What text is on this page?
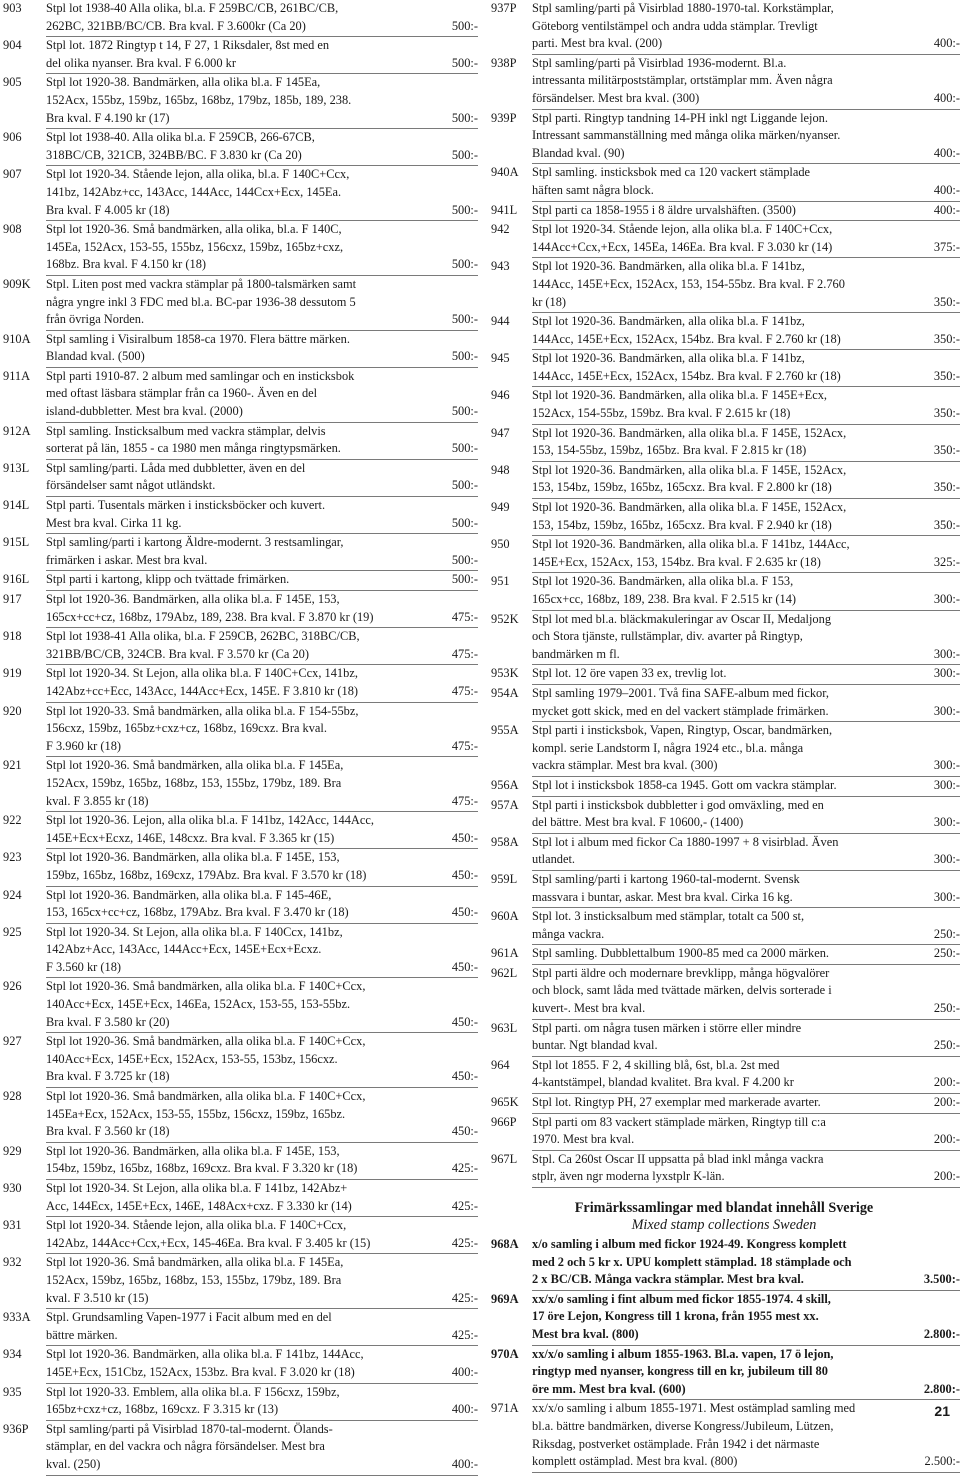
903	Stpl lot 1938-40 Alla olika, bl.a. F 259BC/CB, 261BC/CB,
262BC, 321BB/BC/CB. Bra kval. F 3.600kr (Ca 20)	500:-
904	Stpl lot. 1872 Ringtyp t 14, F 27, 1 Riksdaler, 8st med en
del olika nyanser. Bra kval. F 6.000 kr	500:-
905	Stpl lot 1920-38. Bandmärken, alla olika bl.a. F 145Ea,
152Acx, 155bz, 159bz, 165bz, 168bz, 179bz, 185b, 189, 238.
Bra kval. F 4.190 kr (17)	500:-
906	Stpl lot 1938-40. Alla olika bl.a. F 259CB, 266-67CB,
318BC/CB, 321CB, 324BB/BC. F 3.830 kr (Ca 20)	500:-
907	Stpl lot 1920-34. Stående lejon, alla olika, bl.a. F 140C+Ccx,
141bz, 142Abz+cc, 143Acc, 144Acc, 144Ccx+Ecx, 145Ea.
Bra kval. F 4.005 kr (18)	500:-
908	Stpl lot 1920-36. Små bandmärken, alla olika, bl.a. F 140C,
145Ea, 152Acx, 153-55, 155bz, 156cxz, 159bz, 165bz+cxz,
168bz. Bra kval. F 4.150 kr (18)	500:-
909K	Stpl. Liten post med vackra stämplar på 1800-talsmärken samt
några yngre inkl 3 FDC med bl.a. BC-par 1936-38 dessutom 5
från övriga Norden.	500:-
910A	Stpl samling i Visiralbum 1858-ca 1970. Flera bättre märken.
Blandad kval. (500)	500:-
911A	Stpl parti 1910-87. 2 album med samlingar och en insticksbok
med oftast läsbara stämplar från ca 1960-. Även en del
island-dubbletter. Mest bra kval. (2000)	500:-
912A	Stpl samling. Insticksalbum med vackra stämplar, delvis
sorterat på län, 1855 - ca 1980 men många ringtypsmärken.	500:-
913L	Stpl samling/parti. Låda med dubbletter, även en del
försändelser samt något utländskt.	500:-
914L	Stpl parti. Tusentals märken i insticksböcker och kuvert.
Mest bra kval. Cirka 11 kg.	500:-
915L	Stpl samling/parti i kartong Äldre-modernt. 3 restsamlingar,
frimärken i askar. Mest bra kval.	500:-
916L	Stpl parti i kartong, klipp och tvättade frimärken.	500:-
917	Stpl lot 1920-36. Bandmärken, alla olika bl.a. F 145E, 153,
165cx+cc+cz, 168bz, 179Abz, 189, 238. Bra kval. F 3.870 kr (19)	475:-
918	Stpl lot 1938-41 Alla olika, bl.a. F 259CB, 262BC, 318BC/CB,
321BB/BC/CB, 324CB. Bra kval. F 3.570 kr (Ca 20)	475:-
919	Stpl lot 1920-34. St Lejon, alla olika bl.a. F 140C+Ccx, 141bz,
142Abz+cc+Ecc, 143Acc, 144Acc+Ecx, 145E. F 3.810 kr (18)	475:-
920	Stpl lot 1920-33. Små bandmärken, alla olika bl.a. F 154-55bz,
156cxz, 159bz, 165bz+cxz+cz, 168bz, 169cxz. Bra kval.
F 3.960 kr (18)	475:-
921	Stpl lot 1920-36. Små bandmärken, alla olika bl.a. F 145Ea,
152Acx, 159bz, 165bz, 168bz, 153, 155bz, 179bz, 189. Bra
kval. F 3.855 kr (18)	475:-
922	Stpl lot 1920-36. Lejon, alla olika bl.a. F 141bz, 142Acc, 144Acc,
145E+Ecx+Ecxz, 146E, 148cxz. Bra kval. F 3.365 kr (15)	450:-
923	Stpl lot 1920-36. Bandmärken, alla olika bl.a. F 145E, 153,
159bz, 165bz, 168bz, 169cxz, 179Abz. Bra kval. F 3.570 kr (18)	450:-
924	Stpl lot 1920-36. Bandmärken, alla olika bl.a. F 145-46E,
153, 165cx+cc+cz, 168bz, 179Abz. Bra kval. F 3.470 kr (18)	450:-
925	Stpl lot 1920-34. St Lejon, alla olika bl.a. F 140Ccx, 141bz,
142Abz+Acc, 143Acc, 144Acc+Ecx, 145E+Ecx+Ecxz.
F 3.560 kr (18)	450:-
926	Stpl lot 1920-36. Små bandmärken, alla olika bl.a. F 140C+Ccx,
140Acc+Ecx, 145E+Ecx, 146Ea, 152Acx, 153-55, 153-55bz.
Bra kval. F 3.580 kr (20)	450:-
927	Stpl lot 1920-36. Små bandmärken, alla olika bl.a. F 140C+Ccx,
140Acc+Ecx, 145E+Ecx, 152Acx, 153-55, 153bz, 156cxz.
Bra kval. F 3.725 kr (18)	450:-
928	Stpl lot 1920-36. Små bandmärken, alla olika bl.a. F 140C+Ccx,
145Ea+Ecx, 152Acx, 153-55, 155bz, 156cxz, 159bz, 165bz.
Bra kval. F 3.560 kr (18)	450:-
929	Stpl lot 1920-36. Bandmärken, alla olika bl.a. F 145E, 153,
154bz, 159bz, 165bz, 168bz, 169cxz. Bra kval. F 3.320 kr (18)	425:-
930	Stpl lot 1920-34. St Lejon, alla olika bl.a. F 141bz, 142Abz+
Acc, 144Ecx, 145E+Ecx, 146E, 148Acx+cxz. F 3.330 kr (14)	425:-
931	Stpl lot 1920-34. Stående lejon, alla olika bl.a. F 140C+Ccx,
142Abz, 144Acc+Ccx,+Ecx, 145-46Ea. Bra kval. F 3.405 kr (15)	425:-
932	Stpl lot 1920-36. Små bandmärken, alla olika bl.a. F 145Ea,
152Acx, 159bz, 165bz, 168bz, 153, 155bz, 179bz, 189. Bra
kval. F 3.510 kr (15)	425:-
933A	Stpl. Grundsamling Vapen-1977 i Facit album med en del
bättre märken.	425:-
934	Stpl lot 1920-36. Bandmärken, alla olika bl.a. F 141bz, 144Acc,
145E+Ecx, 151Cbz, 152Acx, 153bz. Bra kval. F 3.020 kr (18)	400:-
935	Stpl lot 1920-33. Emblem, alla olika bl.a. F 156cxz, 159bz,
165bz+cxz+cz, 168bz, 169cxz. F 3.315 kr (13)	400:-
936P	Stpl samling/parti på Visirblad 1870-tal-modernt. Ölands-
stämplar, en del vackra och några försändelser. Mest bra
kval. (250)	400:-
937P	Stpl samling/parti på Visirblad 1880-1970-tal. Korkstämplar,
Göteborg ventilstämpel och andra udda stämplar. Trevligt
parti. Mest bra kval. (200)	400:-
938P	Stpl samling/parti på Visirblad 1936-modernt. Bl.a.
intressanta militärpoststämplar, ortstämplar mm. Även några
försändelser. Mest bra kval. (300)	400:-
939P	Stpl parti. Ringtyp tandning 14-PH inkl ngt Liggande lejon.
Intressant sammanställning med många olika märken/nyanser.
Blandad kval. (90)	400:-
940A	Stpl samling. insticksbok med ca 120 vackert stämplade
häften samt några block.	400:-
941L	Stpl parti ca 1858-1955 i 8 äldre urvalshäften. (3500)	400:-
942	Stpl lot 1920-34. Stående lejon, alla olika bl.a. F 140C+Ccx,
144Acc+Ccx,+Ecx, 145Ea, 146Ea. Bra kval. F 3.030 kr (14)	375:-
943	Stpl lot 1920-36. Bandmärken, alla olika bl.a. F 141bz,
144Acc, 145E+Ecx, 152Acx, 153, 154-55bz. Bra kval. F 2.760
kr (18)	350:-
944	Stpl lot 1920-36. Bandmärken, alla olika bl.a. F 141bz,
144Acc, 145E+Ecx, 152Acx, 154bz. Bra kval. F 2.760 kr (18)	350:-
945	Stpl lot 1920-36. Bandmärken, alla olika bl.a. F 141bz,
144Acc, 145E+Ecx, 152Acx, 154bz. Bra kval. F 2.760 kr (18)	350:-
946	Stpl lot 1920-36. Bandmärken, alla olika bl.a. F 145E+Ecx,
152Acx, 154-55bz, 159bz. Bra kval. F 2.615 kr (18)	350:-
947	Stpl lot 1920-36. Bandmärken, alla olika bl.a. F 145E, 152Acx,
153, 154-55bz, 159bz, 165bz. Bra kval. F 2.815 kr (18)	350:-
948	Stpl lot 1920-36. Bandmärken, alla olika bl.a. F 145E, 152Acx,
153, 154bz, 159bz, 165bz, 165cxz. Bra kval. F 2.800 kr (18)	350:-
949	Stpl lot 1920-36. Bandmärken, alla olika bl.a. F 145E, 152Acx,
153, 154bz, 159bz, 165bz, 165cxz. Bra kval. F 2.940 kr (18)	350:-
950	Stpl lot 1920-36. Bandmärken, alla olika bl.a. F 141bz, 144Acc,
145E+Ecx, 152Acx, 153, 154bz. Bra kval. F 2.635 kr (18)	325:-
951	Stpl lot 1920-36. Bandmärken, alla olika bl.a. F 153,
165cx+cc, 168bz, 189, 238. Bra kval. F 2.515 kr (14)	300:-
952K	Stpl lot med bl.a. bläckmakuleringar av Oscar II, Medaljong
och Stora tjänste, rullstämplar, div. avarter på Ringtyp,
bandmärken m fl.	300:-
953K	Stpl lot. 12 öre vapen 33 ex, trevlig lot.	300:-
954A	Stpl samling 1979–2001. Två fina SAFE-album med fickor,
mycket gott skick, med en del vackert stämplade frimärken.	300:-
955A	Stpl parti i insticksbok, Vapen, Ringtyp, Oscar, bandmärken,
kompl. serie Landstorm I, några 1924 etc., bl.a. många
vackra stämplar. Mest bra kval. (300)	300:-
956A	Stpl lot i insticksbok 1858-ca 1945. Gott om vackra stämplar.	300:-
957A	Stpl parti i insticksbok dubbletter i god omväxling, med en
del bättre. Mest bra kval. F 10600,- (1400)	300:-
958A	Stpl lot i album med fickor Ca 1880-1997 + 8 visirblad. Även
utlandet.	300:-
959L	Stpl samling/parti i kartong 1960-tal-modernt. Svensk
massvara i buntar, askar. Mest bra kval. Cirka 16 kg.	300:-
960A	Stpl lot. 3 insticksalbum med stämplar, totalt ca 500 st,
många vackra.	250:-
961A	Stpl samling. Dubblettalbum 1900-85 med ca 2000 märken.	250:-
962L	Stpl parti äldre och modernare brevklipp, många högvalörer
och block, samt låda med tvättade märken, delvis sorterade i
kuvert-. Mest bra kval.	250:-
963L	Stpl parti. om några tusen märken i större eller mindre
buntar. Ngt blandad kval.	250:-
964	Stpl lot 1855. F 2, 4 skilling blå, 6st, bl.a. 2st med
4-kantstämpel, blandad kvalitet. Bra kval. F 4.200 kr	200:-
965K	Stpl lot. Ringtyp PH, 27 exemplar med markerade avarter.	200:-
966P	Stpl parti om 83 vackert stämplade märken, Ringtyp till c:a
1970. Mest bra kval.	200:-
967L	Stpl. Ca 260st Oscar II uppsatta på blad inkl många vackra
stplr, även ngr moderna lyxstplr K-län.	200:-
Frimärkssamlingar med blandat innehåll Sverige
Mixed stamp collections Sweden
968A	x/o samling i album med fickor 1924-49. Kongress komplett
med 2 och 5 kr x. UPU komplett stämplad. 18 stämplade och
2 x BC/CB. Många vackra stämplar. Mest bra kval.	3.500:-
969A	xx/x/o samling i fint album med fickor 1855-1974. 4 skill,
17 öre Lejon, Kongress till 1 krona, från 1955 mest xx.
Mest bra kval. (800)	2.800:-
970A	xx/x/o samling i album 1855-1963. Bl.a. vapen, 17 ö lejon,
ringtyp med nyanser, kongress till en kr, jubileum till 80
öre mm. Mest bra kval. (600)	2.800:-
971A	xx/x/o samling i album 1855-1971. Mest ostämplad samling med
bl.a. bättre bandmärken, diverse Kongress/Jubileum, Lützen,
Riksdag, postverket ostämplade. Från 1942 i det närmaste
komplett ostämplad. Mest bra kval. (800)	2.500:-
21
